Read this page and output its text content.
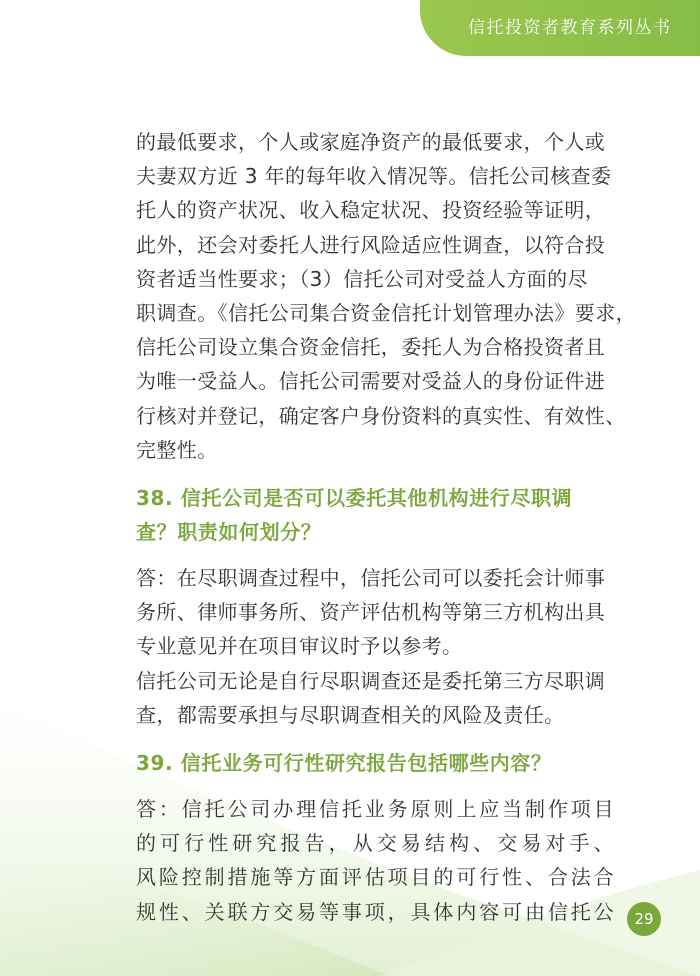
信托投资者教育系列丛书

的最低要求，个人或家庭净资产的最低要求，个人或
夫妻双方近 3 年的每年收入情况等。信托公司核查委
托人的资产状况、收入稳定状况、投资经验等证明，
此外，还会对委托人进行风险适应性调查，以符合投
资者适当性要求；（3）信托公司对受益人方面的尽
职调查。《信托公司集合资金信托计划管理办法》要求，
信托公司设立集合资金信托，委托人为合格投资者且
为唯一受益人。信托公司需要对受益人的身份证件进
行核对并登记，确定客户身份资料的真实性、有效性、
完整性。

38. 信托公司是否可以委托其他机构进行尽职调
查？职责如何划分？

答：在尽职调查过程中，信托公司可以委托会计师事
务所、律师事务所、资产评估机构等第三方机构出具
专业意见并在项目审议时予以参考。

信托公司无论是自行尽职调查还是委托第三方尽职调
查，都需要承担与尽职调查相关的风险及责任。

39. 信托业务可行性研究报告包括哪些内容？

答：信托公司办理信托业务原则上应当制作项目
的可行性研究报告，从交易结构、交易对手、
风险控制措施等方面评估项目的可行性、合法合
规性、关联方交易等事项，具体内容可由信托公	29
